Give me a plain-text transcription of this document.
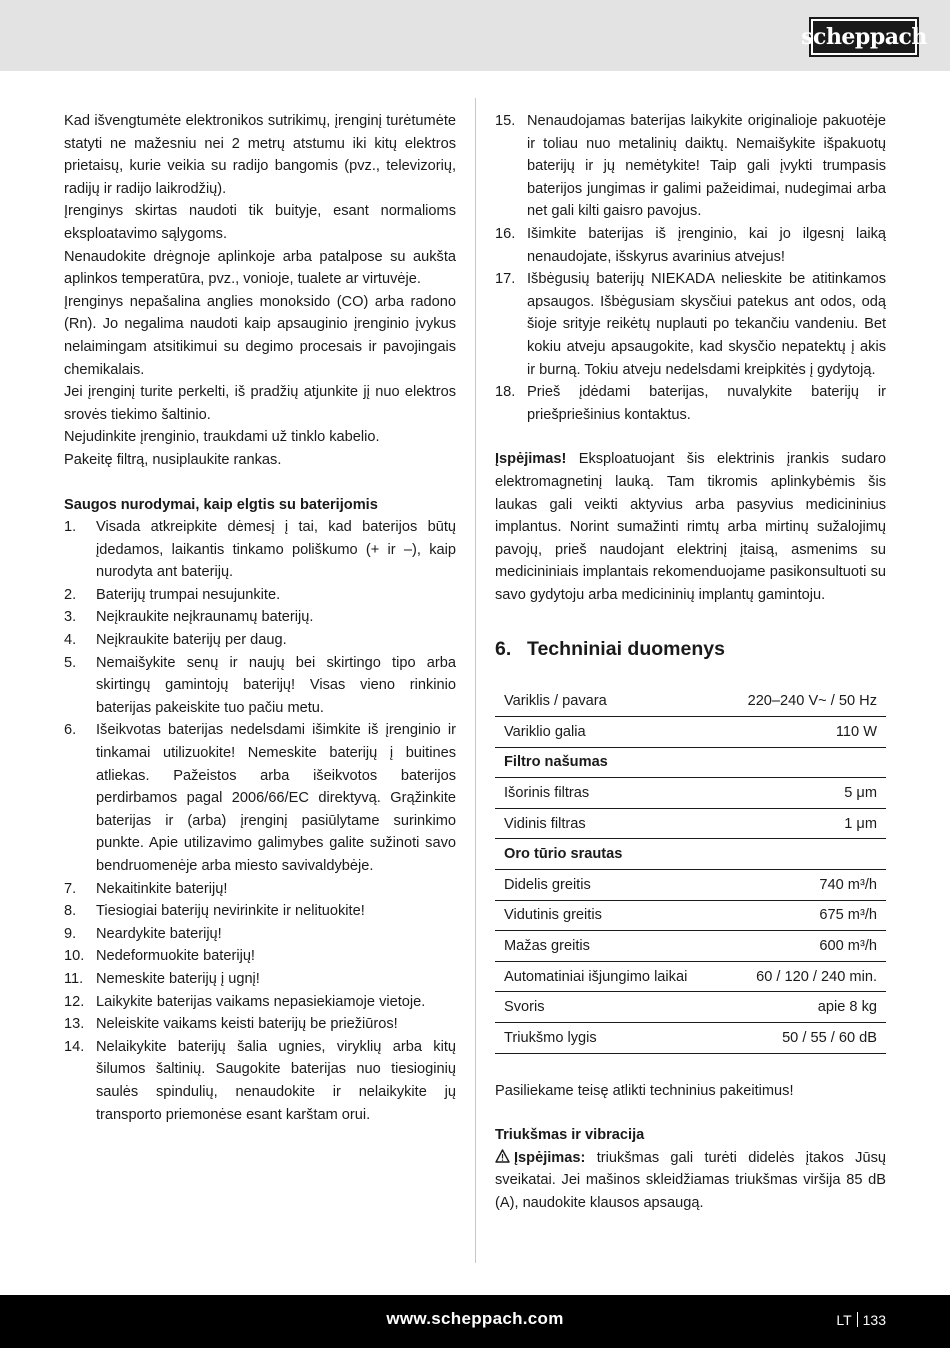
scheppach

Kad išvengtumėte elektronikos sutrikimų, įrenginį turėtumėte statyti ne mažesniu nei 2 metrų atstumu iki kitų elektros prietaisų, kurie veikia su radijo bangomis (pvz., televizorių, radijų ir radijo laikrodžių).

Įrenginys skirtas naudoti tik buityje, esant normalioms eksploatavimo sąlygoms.

Nenaudokite drėgnoje aplinkoje arba patalpose su aukšta aplinkos temperatūra, pvz., vonioje, tualete ar virtuvėje.

Įrenginys nepašalina anglies monoksido (CO) arba radono (Rn). Jo negalima naudoti kaip apsauginio įrenginio įvykus nelaimingam atsitikimui su degimo procesais ir pavojingais chemikalais.

Jei įrenginį turite perkelti, iš pradžių atjunkite jį nuo elektros srovės tiekimo šaltinio.

Nejudinkite įrenginio, traukdami už tinklo kabelio.

Pakeitę filtrą, nusiplaukite rankas.

Saugos nurodymai, kaip elgtis su baterijomis

1.	Visada atkreipkite dėmesį į tai, kad baterijos būtų įdedamos, laikantis tinkamo poliškumo (+ ir –), kaip nurodyta ant baterijų.
2.	Baterijų trumpai nesujunkite.
3.	Neįkraukite neįkraunamų baterijų.
4.	Neįkraukite baterijų per daug.
5.	Nemaišykite senų ir naujų bei skirtingo tipo arba skirtingų gamintojų baterijų! Visas vieno rinkinio baterijas pakeiskite tuo pačiu metu.
6.	Išeikvotas baterijas nedelsdami išimkite iš įrenginio ir tinkamai utilizuokite! Nemeskite baterijų į buitines atliekas. Pažeistos arba išeikvotos baterijos perdirbamos pagal 2006/66/EC direktyvą. Grąžinkite baterijas ir (arba) įrenginį pasiūlytame surinkimo punkte. Apie utilizavimo galimybes galite sužinoti savo bendruomenėje arba miesto savivaldybėje.
7.	Nekaitinkite baterijų!
8.	Tiesiogiai baterijų nevirinkite ir nelituokite!
9.	Neardykite baterijų!
10. Nedeformuokite baterijų!
11. Nemeskite baterijų į ugnį!
12. Laikykite baterijas vaikams nepasiekiamoje vietoje.
13. Neleiskite vaikams keisti baterijų be priežiūros!
14. Nelaikykite baterijų šalia ugnies, viryklių arba kitų šilumos šaltinių. Saugokite baterijas nuo tiesioginių saulės spindulių, nenaudokite ir nelaikykite jų transporto priemonėse esant karštam orui.
15. Nenaudojamas baterijas laikykite originalioje pakuotėje ir toliau nuo metalinių daiktų. Nemaišykite išpakuotų baterijų ir jų nemėtykite! Taip gali įvykti trumpasis baterijos jungimas ir galimi pažeidimai, nudegimai arba net gali kilti gaisro pavojus.
16. Išimkite baterijas iš įrenginio, kai jo ilgesnį laiką nenaudojate, išskyrus avarinius atvejus!
17. Išbėgusių baterijų NIEKADA nelieskite be atitinkamos apsaugos. Išbėgusiam skysčiui patekus ant odos, odą šioje srityje reikėtų nuplauti po tekančiu vandeniu. Bet kokiu atveju apsaugokite, kad skysčio nepatektų į akis ir burną. Tokiu atveju nedelsdami kreipkitės į gydytoją.
18. Prieš įdėdami baterijas, nuvalykite baterijų ir priešpriešinius kontaktus.

Įspėjimas! Eksploatuojant šis elektrinis įrankis sudaro elektromagnetinį lauką. Tam tikromis aplinkybėmis šis laukas gali veikti aktyvius arba pasyvius medicininius implantus. Norint sumažinti rimtų arba mirtinų sužalojimų pavojų, prieš naudojant elektrinį įtaisą, asmenims su medicininiais implantais rekomenduojame pasikonsultuoti su savo gydytoju arba medicininių implantų gamintoju.

6. Techniniai duomenys
Variklis / pavara	220–240 V~ / 50 Hz
Variklio galia	110 W
Filtro našumas	
Išorinis filtras	5 μm
Vidinis filtras	1 μm
Oro tūrio srautas	
Didelis greitis	740 m³/h
Vidutinis greitis	675 m³/h
Mažas greitis	600 m³/h
Automatiniai išjungimo laikai	60 / 120 / 240 min.
Svoris	apie 8 kg
Triukšmo lygis	50 / 55 / 60 dB

Pasiliekame teisę atlikti techninius pakeitimus!

Triukšmas ir vibracija

Įspėjimas: triukšmas gali turėti didelės įtakos Jūsų sveikatai. Jei mašinos skleidžiamas triukšmas viršija 85 dB (A), naudokite klausos apsaugą.

www.scheppach.com	LT 133
